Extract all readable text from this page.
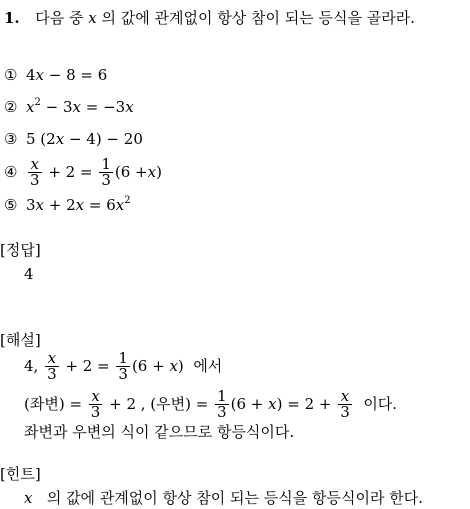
1. 다음 중 x 의 값에 관계없이 항상 참이 되는 등식을 골라라.
① 4x − 8 = 6
② $x^2 - 3x = -3x$
③ 5 (2x − 4) − 20
④ $\frac{x}{3} + 2 = \frac{1}{3} (6 + x$ )
⑤ $3x + 2x = 6x^2$
[정답]
4
[해설]
4, $\frac{x}{3} + 2 = \frac{1}{3} (6 + x)$ 에서
(좌변) = $\frac{x}{3} + 2$ , (우변) = $\frac{1}{3} (6 + x) = 2 + \frac{x}{3}$
이다.
좌변과 우변의 식이 같으므로 항등식이다.
[힌트]
x 의 값에 관계없이 항상 참이 되는 등식을 항등식이라 한다.
